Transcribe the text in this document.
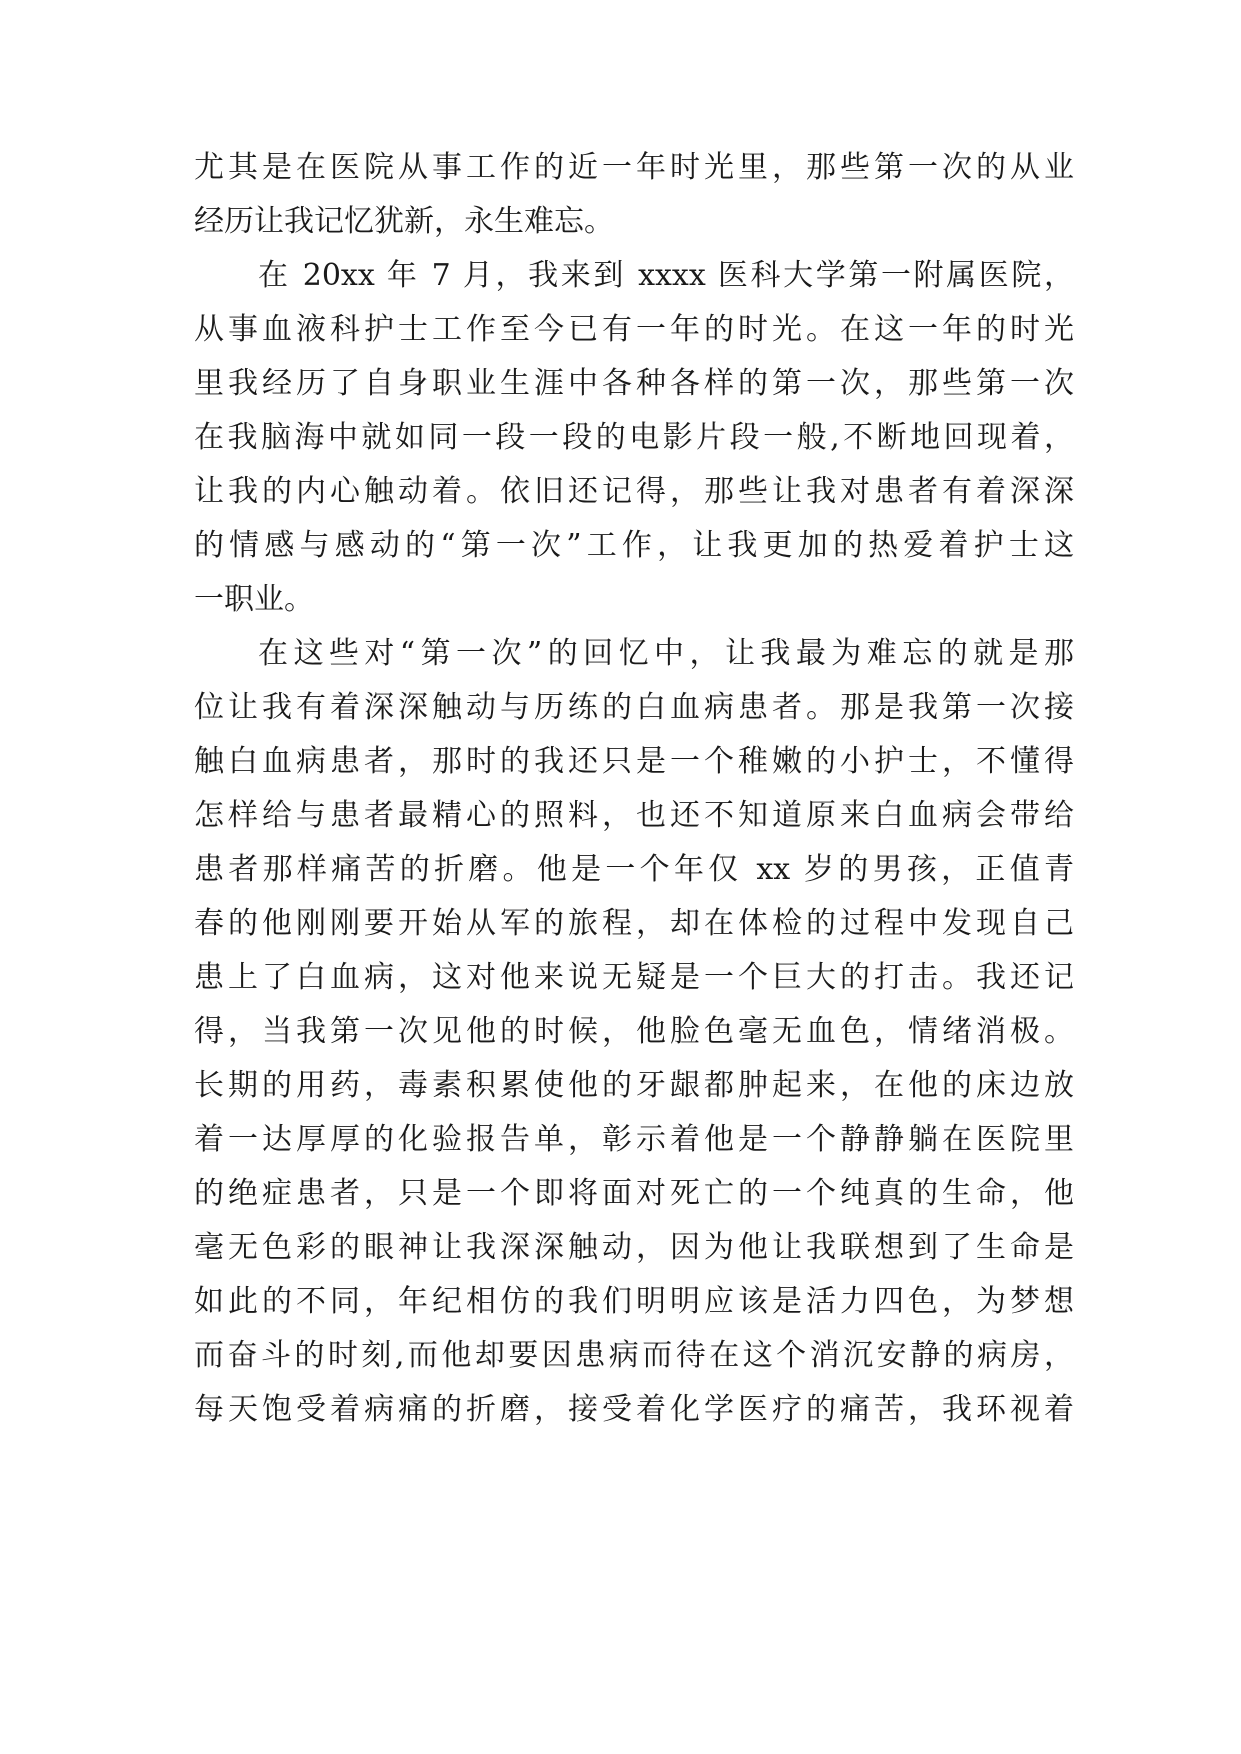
尤其是在医院从事工作的近一年时光里，那些第一次的从业
经历让我记忆犹新，永生难忘。
在 20xx 年 7 月，我来到 xxxx 医科大学第一附属医院，
从事血液科护士工作至今已有一年的时光。在这一年的时光
里我经历了自身职业生涯中各种各样的第一次，那些第一次
在我脑海中就如同一段一段的电影片段一般,不断地回现着，
让我的内心触动着。依旧还记得，那些让我对患者有着深深
的情感与感动的“第一次”工作，让我更加的热爱着护士这
一职业。
在这些对“第一次”的回忆中，让我最为难忘的就是那
位让我有着深深触动与历练的白血病患者。那是我第一次接
触白血病患者，那时的我还只是一个稚嫩的小护士，不懂得
怎样给与患者最精心的照料，也还不知道原来白血病会带给
患者那样痛苦的折磨。他是一个年仅 xx 岁的男孩，正值青
春的他刚刚要开始从军的旅程，却在体检的过程中发现自己
患上了白血病，这对他来说无疑是一个巨大的打击。我还记
得，当我第一次见他的时候，他脸色毫无血色，情绪消极。
长期的用药，毒素积累使他的牙龈都肿起来，在他的床边放
着一达厚厚的化验报告单，彰示着他是一个静静躺在医院里
的绝症患者，只是一个即将面对死亡的一个纯真的生命，他
毫无色彩的眼神让我深深触动，因为他让我联想到了生命是
如此的不同，年纪相仿的我们明明应该是活力四色，为梦想
而奋斗的时刻,而他却要因患病而待在这个消沉安静的病房，
每天饱受着病痛的折磨，接受着化学医疗的痛苦，我环视着
